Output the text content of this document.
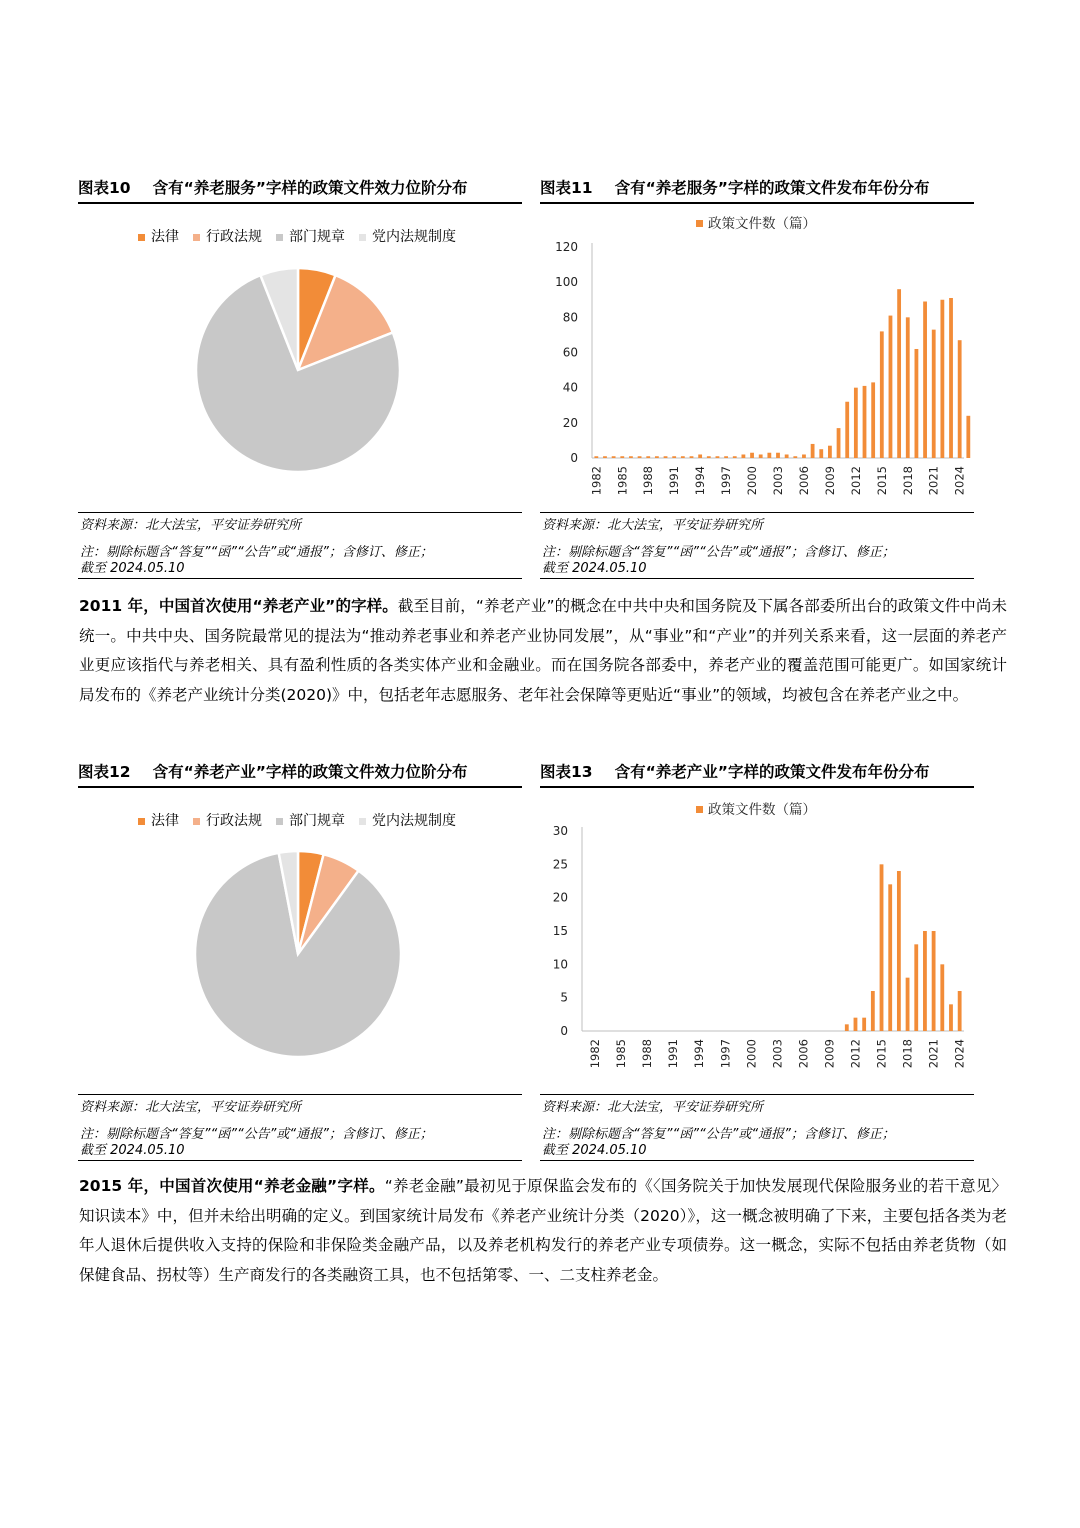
图表10 含有“养老服务”字样的政策文件效力位阶分布
法律 行政法规 部门规章 党内法规制度
资料来源：北大法宝，平安证券研究所
注：剔除标题含“答复”“函”“公告”或“通报”；含修订、修正；
截至 2024.05.10
图表11 含有“养老服务”字样的政策文件发布年份分布
政策文件数（篇）
0
20
40
60
80
100
120
1982 1985 1988 1991 1994 1997 2000 2003 2006 2009 2012 2015 2018 2021 2024
资料来源：北大法宝，平安证券研究所
注：剔除标题含“答复”“函”“公告”或“通报”；含修订、修正；
截至 2024.05.10
2011 年，中国首次使用“养老产业”的字样。截至目前，“养老产业”的概念在中共中央和国务院及下属各部委所出台的政策文件中尚未统一。中共中央、国务院最常见的提法为“推动养老事业和养老产业协同发展”，从“事业”和“产业”的并列关系来看，这一层面的养老产业更应该指代与养老相关、具有盈利性质的各类实体产业和金融业。而在国务院各部委中，养老产业的覆盖范围可能更广。如国家统计局发布的《养老产业统计分类(2020)》中，包括老年志愿服务、老年社会保障等更贴近“事业”的领域，均被包含在养老产业之中。
图表12 含有“养老产业”字样的政策文件效力位阶分布
法律 行政法规 部门规章 党内法规制度
资料来源：北大法宝，平安证券研究所
注：剔除标题含“答复”“函”“公告”或“通报”；含修订、修正；
截至 2024.05.10
图表13 含有“养老产业”字样的政策文件发布年份分布
政策文件数（篇）
0
5
10
15
20
25
30
1982 1985 1988 1991 1994 1997 2000 2003 2006 2009 2012 2015 2018 2021 2024
资料来源：北大法宝，平安证券研究所
注：剔除标题含“答复”“函”“公告”或“通报”；含修订、修正；
截至 2024.05.10
2015 年，中国首次使用“养老金融”字样。“养老金融”最初见于原保监会发布的《〈国务院关于加快发展现代保险服务业的若干意见〉知识读本》中，但并未给出明确的定义。到国家统计局发布《养老产业统计分类（2020）》，这一概念被明确了下来，主要包括各类为老年人退休后提供收入支持的保险和非保险类金融产品，以及养老机构发行的养老产业专项债券。这一概念，实际不包括由养老货物（如保健食品、拐杖等）生产商发行的各类融资工具，也不包括第零、一、二支柱养老金。
